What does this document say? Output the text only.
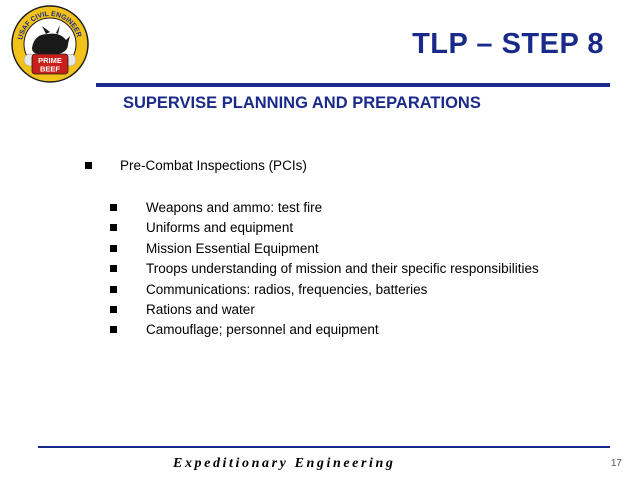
USAF CIVIL ENGINEER
PRIME
BEEF
TLP – STEP 8
SUPERVISE PLANNING AND PREPARATIONS
Pre-Combat Inspections (PCIs)
Weapons and ammo: test fire
Uniforms and equipment
Mission Essential Equipment
Troops understanding of mission and their specific responsibilities
Communications: radios, frequencies, batteries
Rations and water
Camouflage; personnel and equipment
Expeditionary Engineering	17
